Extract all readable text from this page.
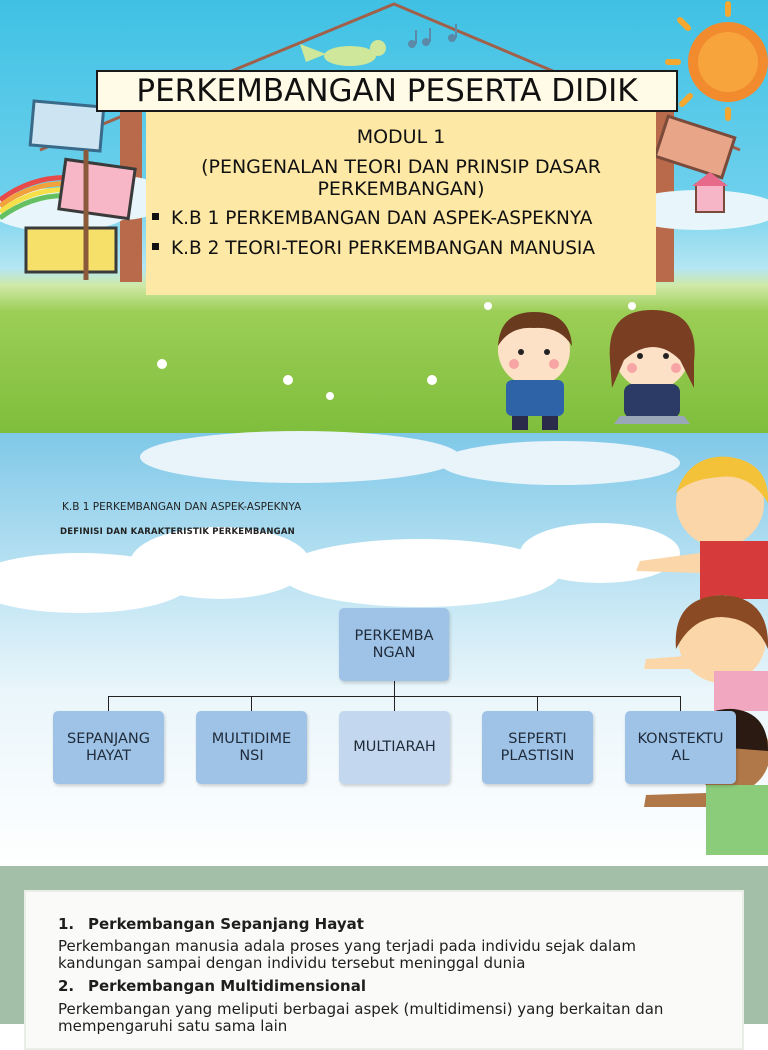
PERKEMBANGAN PESERTA DIDIK
MODUL 1
(PENGENALAN TEORI DAN PRINSIP DASAR
PERKEMBANGAN)
K.B 1 PERKEMBANGAN DAN ASPEK-ASPEKNYA
K.B 2 TEORI-TEORI PERKEMBANGAN MANUSIA
K.B 1 PERKEMBANGAN DAN ASPEK-ASPEKNYA
DEFINISI DAN KARAKTERISTIK PERKEMBANGAN
PERKEMBA
NGAN
SEPANJANG
HAYAT
MULTIDIME
NSI
MULTIARAH
SEPERTI
PLASTISIN
KONSTEKTU
AL
1. Perkembangan Sepanjang Hayat
Perkembangan manusia adala proses yang terjadi pada individu sejak dalam
kandungan sampai dengan individu tersebut meninggal dunia
2. Perkembangan Multidimensional
Perkembangan yang meliputi berbagai aspek (multidimensi) yang berkaitan dan
mempengaruhi satu sama lain
